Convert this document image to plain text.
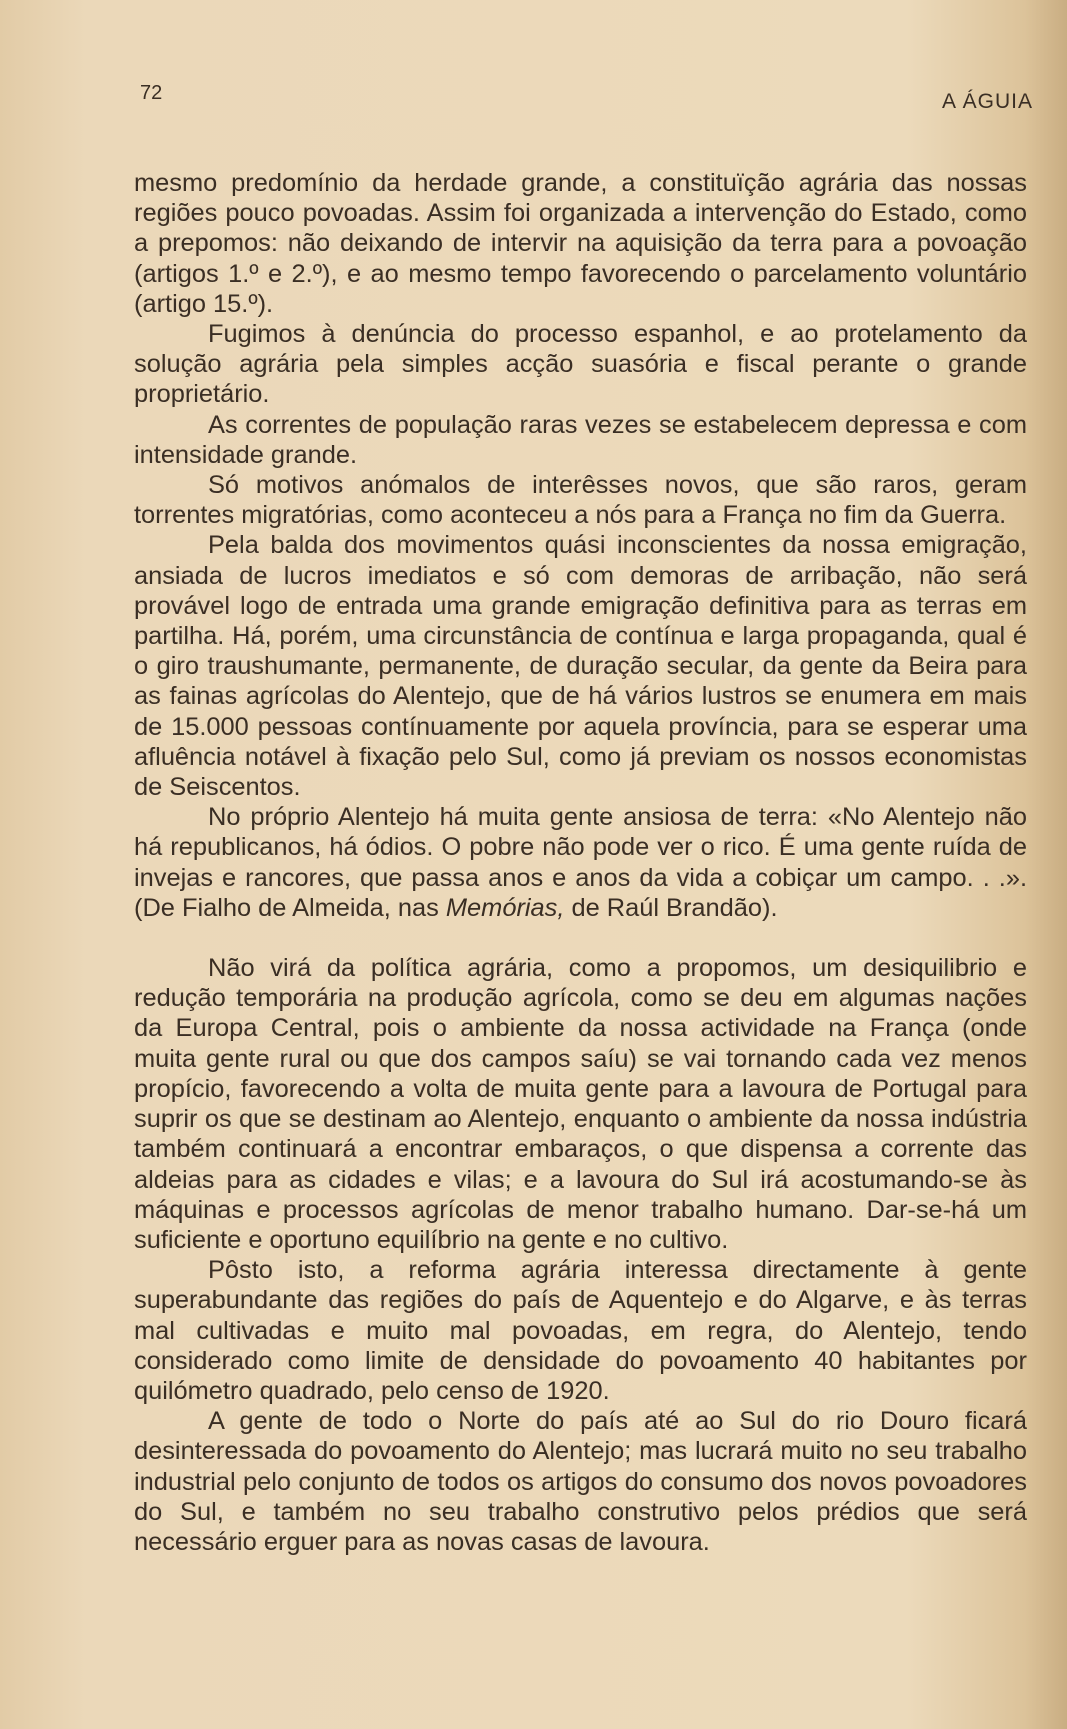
72	A ÁGUIA

mesmo predomínio da herdade grande, a constituïção agrária das nossas regiões pouco povoadas. Assim foi organizada a intervenção do Estado, como a prepomos: não deixando de intervir na aquisição da terra para a povoação (artigos 1.º e 2.º), e ao mesmo tempo favorecendo o parcelamento voluntário (artigo 15.º).

Fugimos à denúncia do processo espanhol, e ao protelamento da solução agrária pela simples acção suasória e fiscal perante o grande proprietário.

As correntes de população raras vezes se estabelecem depressa e com intensidade grande.

Só motivos anómalos de interêsses novos, que são raros, geram torrentes migratórias, como aconteceu a nós para a França no fim da Guerra.

Pela balda dos movimentos quási inconscientes da nossa emigração, ansiada de lucros imediatos e só com demoras de arribação, não será provável logo de entrada uma grande emigração definitiva para as terras em partilha. Há, porém, uma circunstância de contínua e larga propaganda, qual é o giro traushumante, permanente, de duração secular, da gente da Beira para as fainas agrícolas do Alentejo, que de há vários lustros se enumera em mais de 15.000 pessoas contínuamente por aquela província, para se esperar uma afluência notável à fixação pelo Sul, como já previam os nossos economistas de Seiscentos.

No próprio Alentejo há muita gente ansiosa de terra: «No Alentejo não há republicanos, há ódios. O pobre não pode ver o rico. É uma gente ruída de invejas e rancores, que passa anos e anos da vida a cobiçar um campo. . .». (De Fialho de Almeida, nas Memórias, de Raúl Brandão).

Não virá da política agrária, como a propomos, um desiquilibrio e redução temporária na produção agrícola, como se deu em algumas nações da Europa Central, pois o ambiente da nossa actividade na França (onde muita gente rural ou que dos campos saíu) se vai tornando cada vez menos propício, favorecendo a volta de muita gente para a lavoura de Portugal para suprir os que se destinam ao Alentejo, enquanto o ambiente da nossa indústria também continuará a encontrar embaraços, o que dispensa a corrente das aldeias para as cidades e vilas; e a lavoura do Sul irá acostumando-se às máquinas e processos agrícolas de menor trabalho humano. Dar-se-há um suficiente e oportuno equilíbrio na gente e no cultivo.

Pôsto isto, a reforma agrária interessa directamente à gente superabundante das regiões do país de Aquentejo e do Algarve, e às terras mal cultivadas e muito mal povoadas, em regra, do Alentejo, tendo considerado como limite de densidade do povoamento 40 habitantes por quilómetro quadrado, pelo censo de 1920.

A gente de todo o Norte do país até ao Sul do rio Douro ficará desinteressada do povoamento do Alentejo; mas lucrará muito no seu trabalho industrial pelo conjunto de todos os artigos do consumo dos novos povoadores do Sul, e também no seu trabalho construtivo pelos prédios que será necessário erguer para as novas casas de lavoura.
